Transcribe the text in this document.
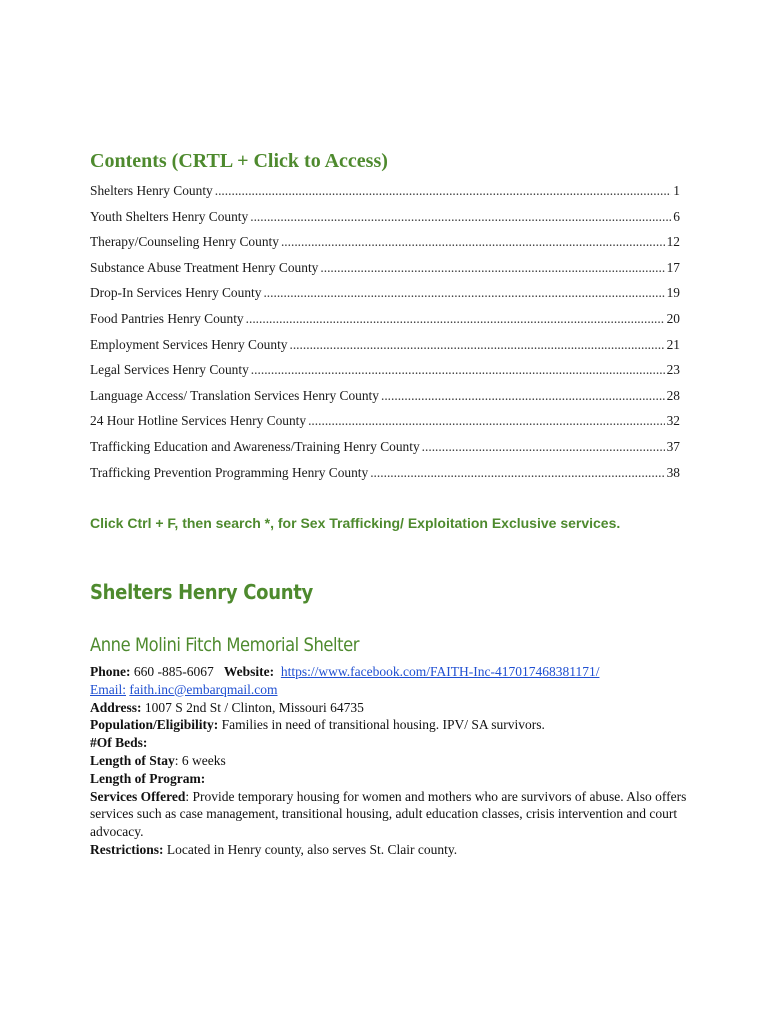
Contents (CRTL + Click to Access)
Shelters Henry County .....	1
Youth Shelters Henry County .....	6
Therapy/Counseling Henry County .....	12
Substance Abuse Treatment Henry County .....	17
Drop-In Services Henry County .....	19
Food Pantries Henry County .....	20
Employment Services Henry County .....	21
Legal Services Henry County .....	23
Language Access/ Translation Services Henry County .....	28
24 Hour Hotline Services Henry County .....	32
Trafficking Education and Awareness/Training Henry County .....	37
Trafficking Prevention Programming Henry County .....	38

Click Ctrl + F, then search *, for Sex Trafficking/ Exploitation Exclusive services.

Shelters Henry County
Anne Molini Fitch Memorial Shelter

Phone: 660 -885-6067 Website: https://www.facebook.com/FAITH-Inc-417017468381171/

Email: faith.inc@embarqmail.com

Address: 1007 S 2nd St / Clinton, Missouri 64735

Population/Eligibility: Families in need of transitional housing. IPV/ SA survivors.

#Of Beds:

Length of Stay: 6 weeks

Length of Program:

Services Offered: Provide temporary housing for women and mothers who are survivors of abuse. Also offers services such as case management, transitional housing, adult education classes, crisis intervention and court advocacy.

Restrictions: Located in Henry county, also serves St. Clair county.
